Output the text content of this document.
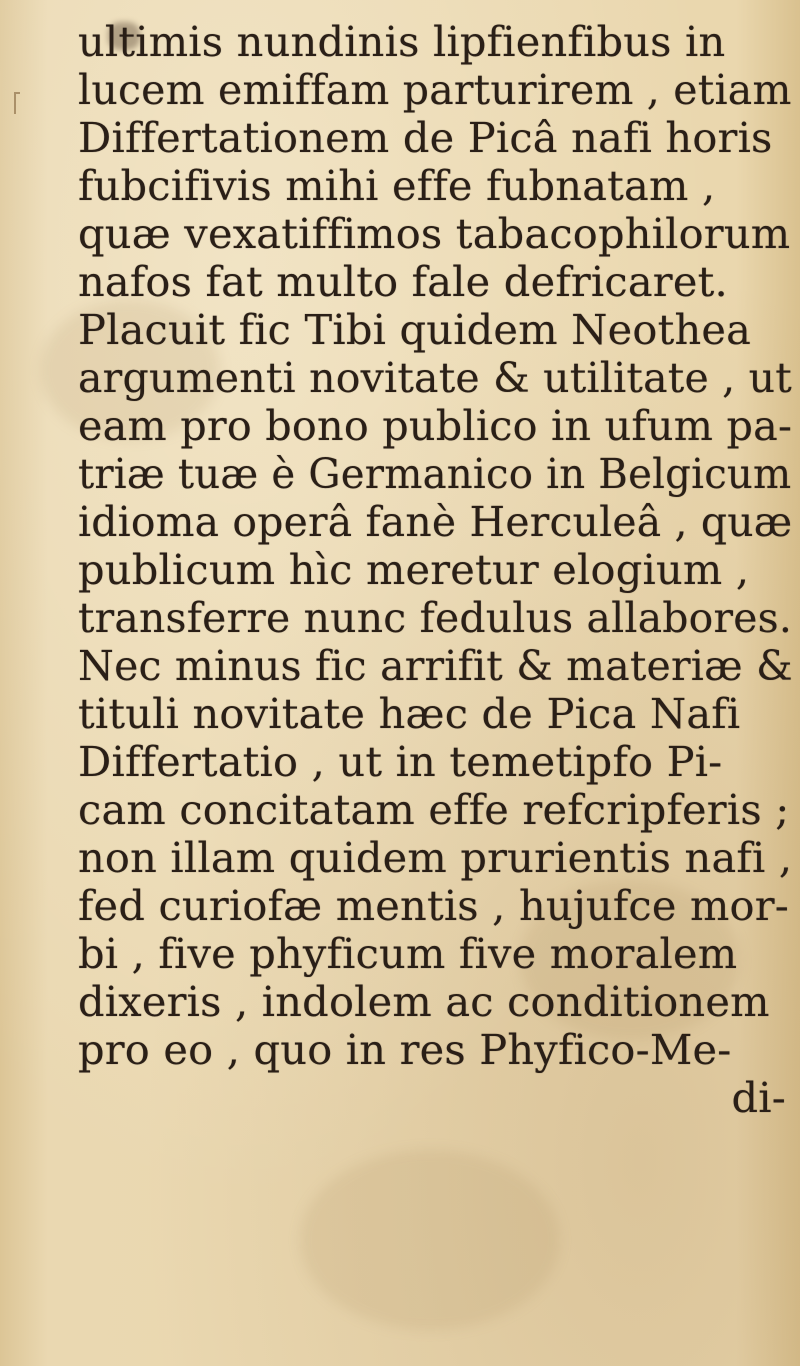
ultimis nundinis lipfienfibus in
lucem emiffam parturirem , etiam
Differtationem de Picâ nafi horis
fubcifivis mihi effe fubnatam ,
quæ vexatiffimos tabacophilorum
nafos fat multo fale defricaret.
Placuit fic Tibi quidem Neothea
argumenti novitate & utilitate , ut
eam pro bono publico in ufum pa-
triæ tuæ è Germanico in Belgicum
idioma operâ fanè Herculeâ , quæ
publicum hìc meretur elogium ,
transferre nunc fedulus allabores.
Nec minus fic arrifit & materiæ &
tituli novitate hæc de Pica Nafi
Differtatio , ut in temetipfo Pi-
cam concitatam effe refcripferis ;
non illam quidem prurientis nafi ,
fed curiofæ mentis , hujufce mor-
bi , five phyficum five moralem
dixeris , indolem ac conditionem
pro eo , quo in res Phyfico-Me-
di-
